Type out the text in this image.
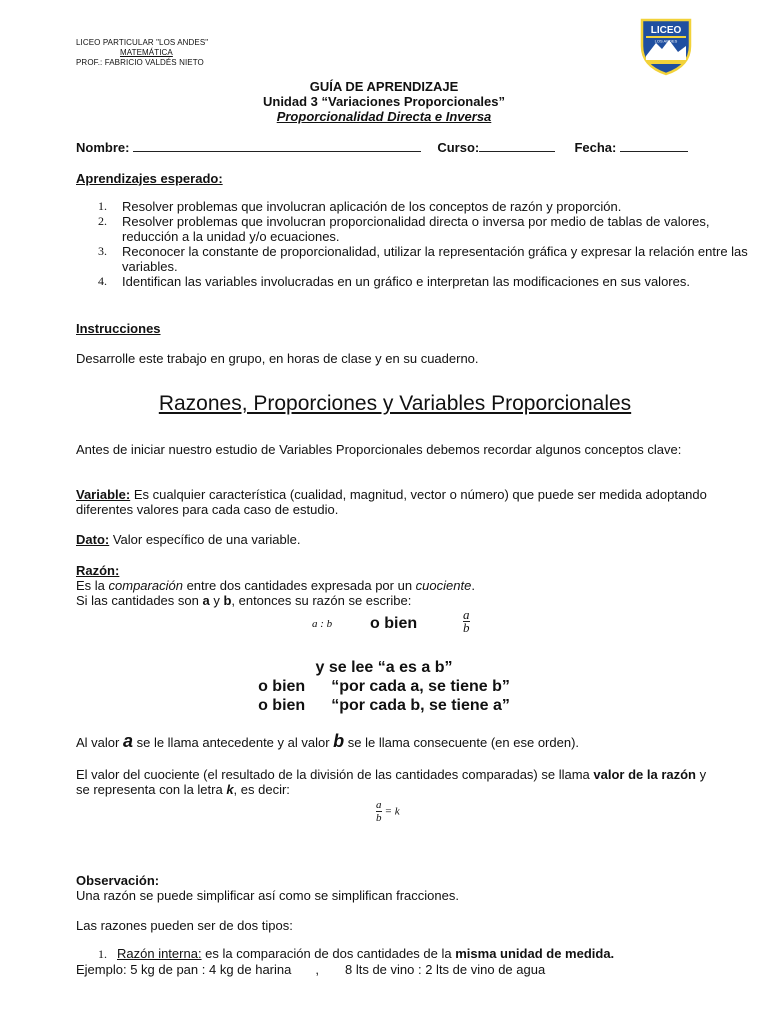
LICEO PARTICULAR "LOS ANDES"
MATEMÁTICA
PROF.: FABRICIO VALDÉS NIETO
LICEO
LOS ANDES
GUÍA DE APRENDIZAJE
Unidad 3 “Variaciones Proporcionales”
Proporcionalidad Directa e Inversa
Nombre:	Curso:	Fecha:
Aprendizajes esperado:
1. Resolver problemas que involucran aplicación de los conceptos de razón y proporción.
2. Resolver problemas que involucran proporcionalidad directa o inversa por medio de tablas de valores, reducción a la unidad y/o ecuaciones.
3. Reconocer la constante de proporcionalidad, utilizar la representación gráfica y expresar la relación entre las variables.
4. Identifican las variables involucradas en un gráfico e interpretan las modificaciones en sus valores.
Instrucciones
Desarrolle este trabajo en grupo, en horas de clase y en su cuaderno.
Razones, Proporciones y Variables Proporcionales
Antes de iniciar nuestro estudio de Variables Proporcionales debemos recordar algunos conceptos clave:
Variable: Es cualquier característica (cualidad, magnitud, vector o número) que puede ser medida adoptando diferentes valores para cada caso de estudio.
Dato: Valor específico de una variable.
Razón:
Es la comparación entre dos cantidades expresada por un cuociente.
Si las cantidades son a y b, entonces su razón se escribe:
a : b o bien	$\frac{a}{b}$
y se lee “a es a b”
o bien “por cada a, se tiene b”
o bien “por cada b, se tiene a”
Al valor a se le llama antecedente y al valor b se le llama consecuente (en ese orden).
El valor del cuociente (el resultado de la división de las cantidades comparadas) se llama valor de la razón y se representa con la letra k, es decir:
$\frac{a}{b} = k$
Observación:
Una razón se puede simplificar así como se simplifican fracciones.
Las razones pueden ser de dos tipos:
1. Razón interna: es la comparación de dos cantidades de la misma unidad de medida.
Ejemplo: 5 kg de pan : 4 kg de harina , 8 lts de vino : 2 lts de vino de agua
